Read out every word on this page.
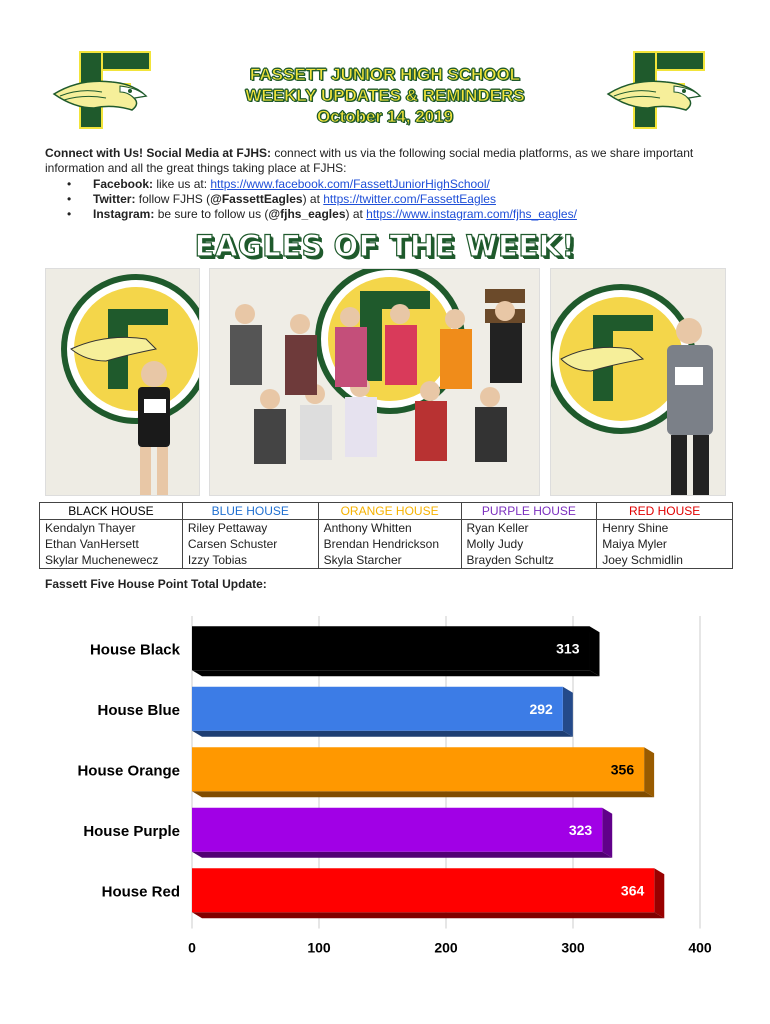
FASSETT JUNIOR HIGH SCHOOL
WEEKLY UPDATES & REMINDERS
October 14, 2019
Connect with Us! Social Media at FJHS: connect with us via the following social media platforms, as we share important information and all the great things taking place at FJHS:
• Facebook: like us at: https://www.facebook.com/FassettJuniorHighSchool/
• Twitter: follow FJHS (@FassettEagles) at https://twitter.com/FassettEagles
• Instagram: be sure to follow us (@fjhs_eagles) at https://www.instagram.com/fjhs_eagles/
EAGLES OF THE WEEK!
BLACK HOUSE	BLUE HOUSE	ORANGE HOUSE	PURPLE HOUSE	RED HOUSE
Kendalyn Thayer	Riley Pettaway	Anthony Whitten	Ryan Keller	Henry Shine
Ethan VanHersett	Carsen Schuster	Brendan Hendrickson	Molly Judy	Maiya Myler
Skylar Muchenewecz	Izzy Tobias	Skyla Starcher	Brayden Schultz	Joey Schmidlin
Fassett Five House Point Total Update:
0	100	200	300	400
House Black	313
House Blue	292
House Orange	356
House Purple	323
House Red	364
